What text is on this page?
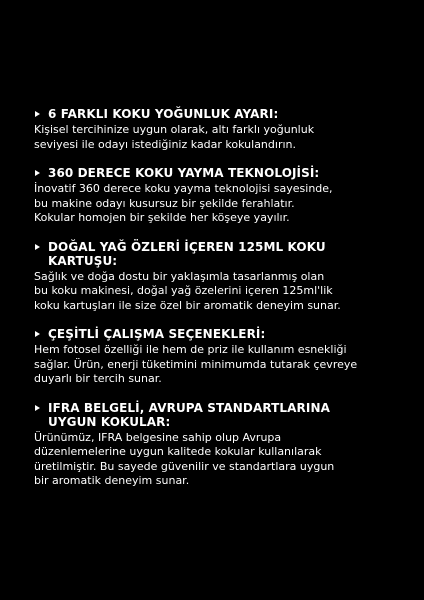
6 FARKLI KOKU YOĞUNLUK AYARI:
Kişisel tercihinize uygun olarak, altı farklı yoğunluk
seviyesi ile odayı istediğiniz kadar kokulandırın.
360 DERECE KOKU YAYMA TEKNOLOJİSİ:
İnovatif 360 derece koku yayma teknolojisi sayesinde,
bu makine odayı kusursuz bir şekilde ferahlatır.
Kokular homojen bir şekilde her köşeye yayılır.
DOĞAL YAĞ ÖZLERİ İÇEREN 125ML KOKU KARTUŞU:
Sağlık ve doğa dostu bir yaklaşımla tasarlanmış olan
bu koku makinesi, doğal yağ özelerini içeren 125ml'lik
koku kartuşları ile size özel bir aromatik deneyim sunar.
ÇEŞİTLİ ÇALIŞMA SEÇENEKLERİ:
Hem fotosel özelliği ile hem de priz ile kullanım esnekliği
sağlar. Ürün, enerji tüketimini minimumda tutarak çevreye
duyarlı bir tercih sunar.
IFRA BELGELİ, AVRUPA STANDARTLARINA
UYGUN KOKULAR:
Ürünümüz, IFRA belgesine sahip olup Avrupa
düzenlemelerine uygun kalitede kokular kullanılarak
üretilmiştir. Bu sayede güvenilir ve standartlara uygun
bir aromatik deneyim sunar.
